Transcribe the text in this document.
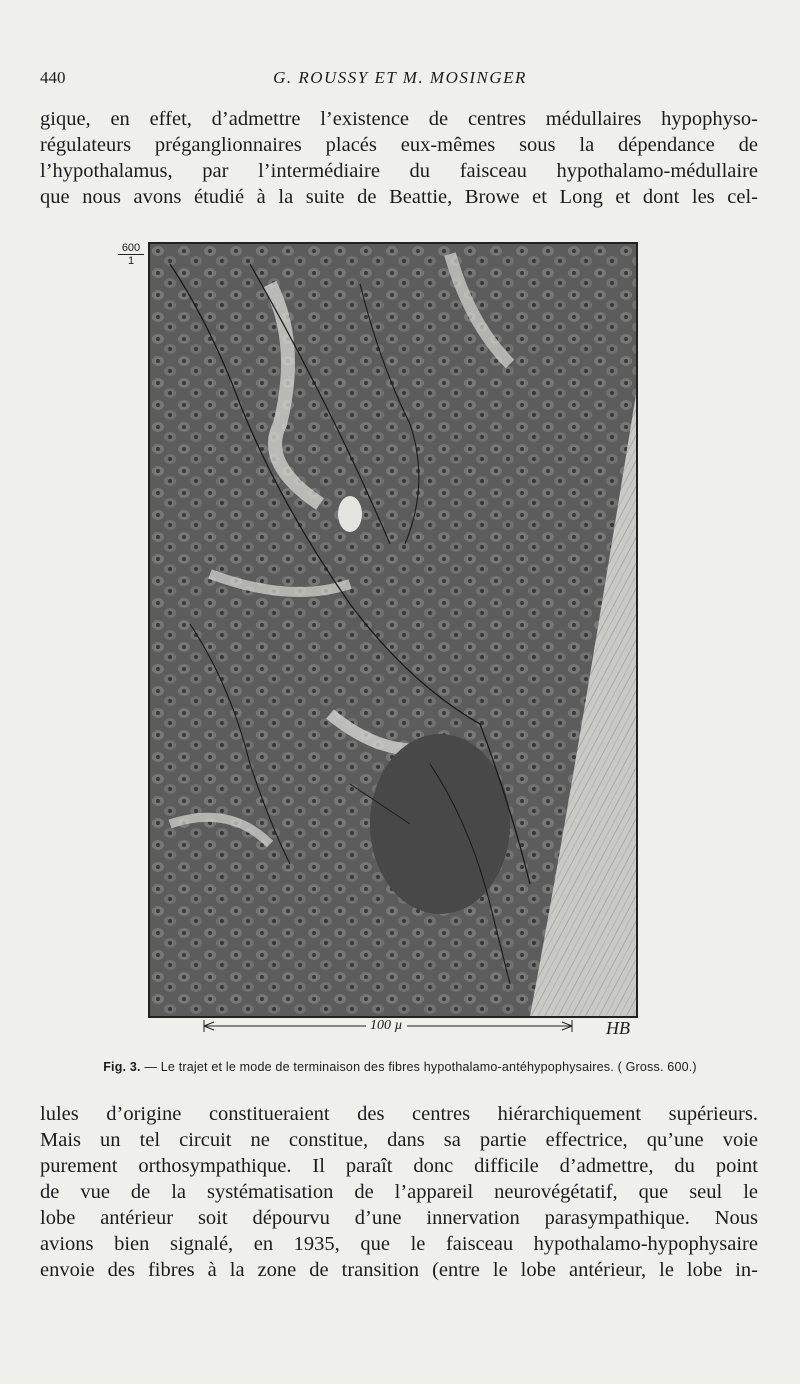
440	G. ROUSSY ET M. MOSINGER

gique, en effet, d’admettre l’existence de centres médullaires hypophyso-
régulateurs préganglionnaires placés eux-mêmes sous la dépendance de
l’hypothalamus, par l’intermédiaire du faisceau hypothalamo-médullaire
que nous avons étudié à la suite de Beattie, Browe et Long et dont les cel-

600
1
100 µ	HB
Fig. 3. — Le trajet et le mode de terminaison des fibres hypothalamo-antéhypophysaires. ( Gross. 600.)

lules d’origine constitueraient des centres hiérarchiquement supérieurs.
Mais un tel circuit ne constitue, dans sa partie effectrice, qu’une voie
purement orthosympathique. Il paraît donc difficile d’admettre, du point
de vue de la systématisation de l’appareil neurovégétatif, que seul le
lobe antérieur soit dépourvu d’une innervation parasympathique. Nous
avions bien signalé, en 1935, que le faisceau hypothalamo-hypophysaire
envoie des fibres à la zone de transition (entre le lobe antérieur, le lobe in-
